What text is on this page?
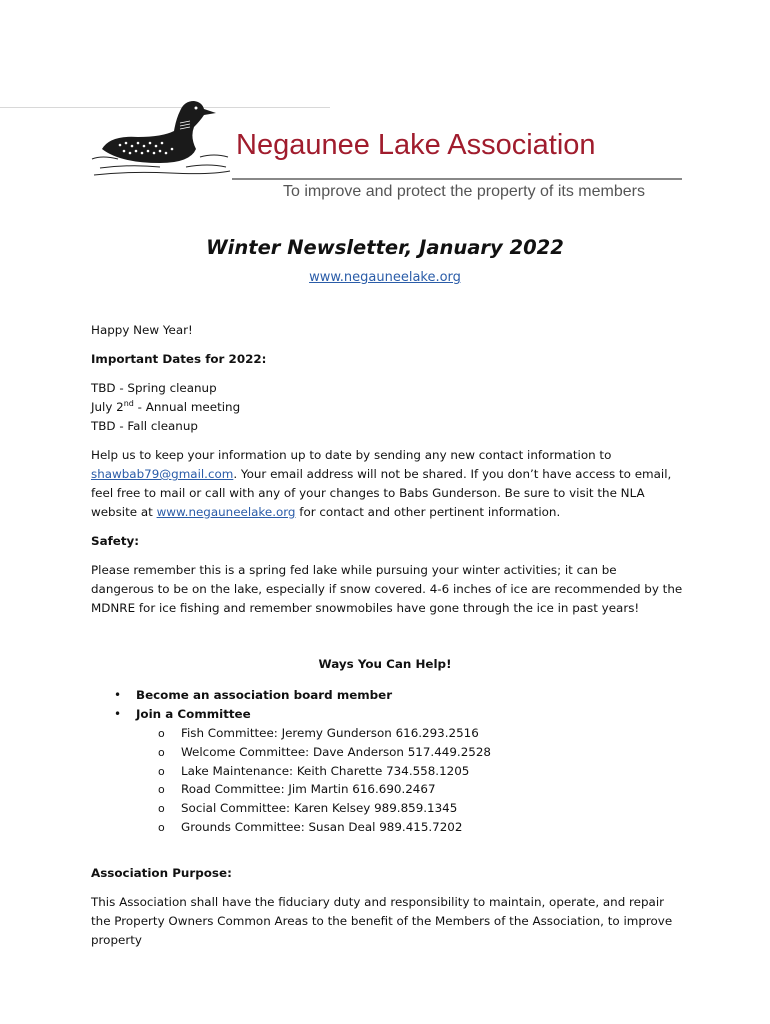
Negaunee Lake Association
To improve and protect the property of its members
Winter Newsletter, January 2022
www.negauneelake.org
Happy New Year!
Important Dates for 2022:
TBD - Spring cleanup
July 2nd - Annual meeting
TBD - Fall cleanup
Help us to keep your information up to date by sending any new contact information to shawbab79@gmail.com. Your email address will not be shared. If you don’t have access to email, feel free to mail or call with any of your changes to Babs Gunderson. Be sure to visit the NLA website at www.negauneelake.org for contact and other pertinent information.
Safety:
Please remember this is a spring fed lake while pursuing your winter activities; it can be dangerous to be on the lake, especially if snow covered. 4-6 inches of ice are recommended by the MDNRE for ice fishing and remember snowmobiles have gone through the ice in past years!
Ways You Can Help!
• Become an association board member
• Join a Committee
o Fish Committee: Jeremy Gunderson 616.293.2516
o Welcome Committee: Dave Anderson 517.449.2528
o Lake Maintenance: Keith Charette 734.558.1205
o Road Committee: Jim Martin 616.690.2467
o Social Committee: Karen Kelsey 989.859.1345
o Grounds Committee: Susan Deal 989.415.7202
Association Purpose:
This Association shall have the fiduciary duty and responsibility to maintain, operate, and repair the Property Owners Common Areas to the benefit of the Members of the Association, to improve property
